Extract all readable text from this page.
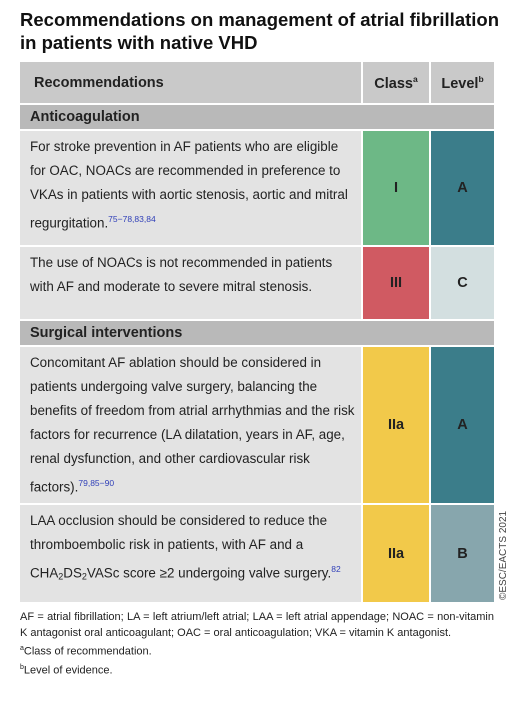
Recommendations on management of atrial fibrillation in patients with native VHD
Recommendations	Class$^a$	Level$^b$
Anticoagulation		
For stroke prevention in AF patients who are eligible for OAC, NOACs are recommended in preference to VKAs in patients with aortic stenosis, aortic and mitral regurgitation.$^{75-78,83,84}$	I	A
The use of NOACs is not recommended in patients with AF and moderate to severe mitral stenosis.	III	C
Surgical interventions		
Concomitant AF ablation should be considered in patients undergoing valve surgery, balancing the benefits of freedom from atrial arrhythmias and the risk factors for recurrence (LA dilatation, years in AF, age, renal dysfunction, and other cardiovascular risk factors).$^{79,85-90}$	IIa	A
LAA occlusion should be considered to reduce the thromboembolic risk in patients, with AF and a $CHA_2DS_2VASc$ score ≥2 undergoing valve surgery.$^{82}$	IIa	B	©ESC/EACTS 2021
AF = atrial fibrillation; LA = left atrium/left atrial; LAA = left atrial appendage; NOAC = non-vitamin K antagonist oral anticoagulant; OAC = oral anticoagulation; VKA = vitamin K antagonist.
$^a$Class of recommendation.
$^b$Level of evidence.
